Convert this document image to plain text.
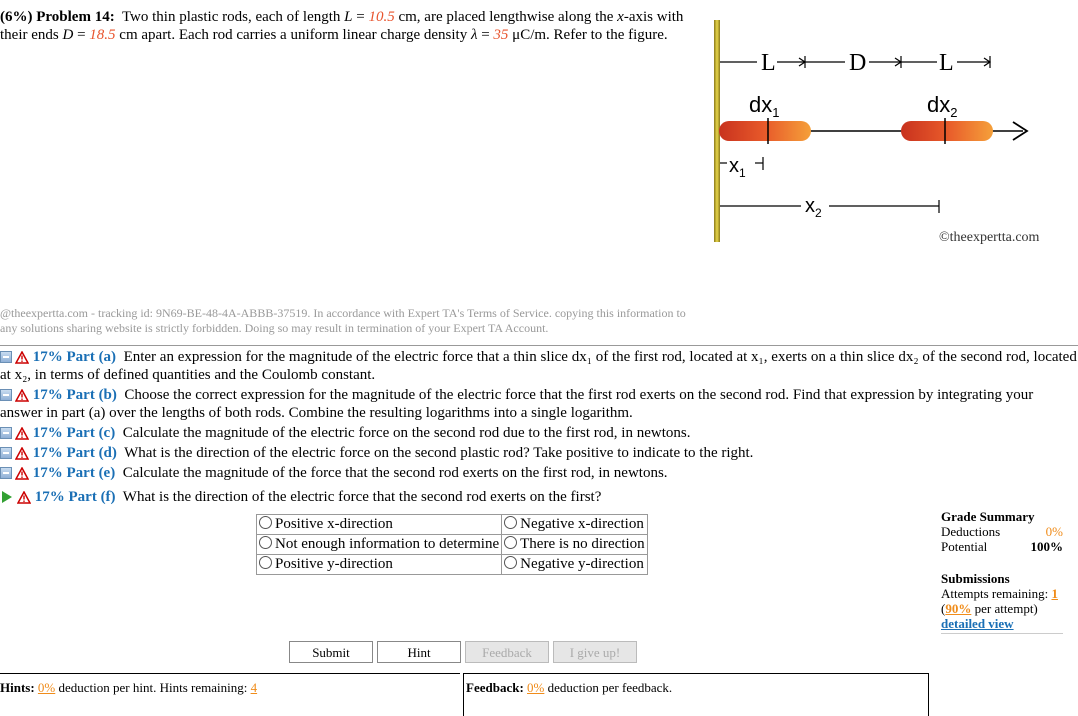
(6%) Problem 14: Two thin plastic rods, each of length L = 10.5 cm, are placed lengthwise along the x-axis with their ends D = 18.5 cm apart. Each rod carries a uniform linear charge density λ = 35 μC/m. Refer to the figure.
L	D	L
$dx_1$	$dx_2$
$x_1$
$x_2$
©theexpertta.com
@theexpertta.com - tracking id: 9N69-BE-48-4A-ABBB-37519. In accordance with Expert TA's Terms of Service. copying this information to any solutions sharing website is strictly forbidden. Doing so may result in termination of your Expert TA Account.
17% Part (a) Enter an expression for the magnitude of the electric force that a thin slice dx₁ of the first rod, located at x₁, exerts on a thin slice dx₂ of the second rod, located at x₂, in terms of defined quantities and the Coulomb constant.
17% Part (b) Choose the correct expression for the magnitude of the electric force that the first rod exerts on the second rod. Find that expression by integrating your answer in part (a) over the lengths of both rods. Combine the resulting logarithms into a single logarithm.
17% Part (c) Calculate the magnitude of the electric force on the second rod due to the first rod, in newtons.
17% Part (d) What is the direction of the electric force on the second plastic rod? Take positive to indicate to the right.
17% Part (e) Calculate the magnitude of the force that the second rod exerts on the first rod, in newtons.
17% Part (f) What is the direction of the electric force that the second rod exerts on the first?
Positive x-direction	Negative x-direction
Not enough information to determine	There is no direction
Positive y-direction	Negative y-direction
Grade Summary
Deductions	0%
Potential	100%
Submissions
Attempts remaining: 1
(90% per attempt)
detailed view
Submit	Hint	Feedback	I give up!
Hints: 0% deduction per hint. Hints remaining: 4	Feedback: 0% deduction per feedback.
